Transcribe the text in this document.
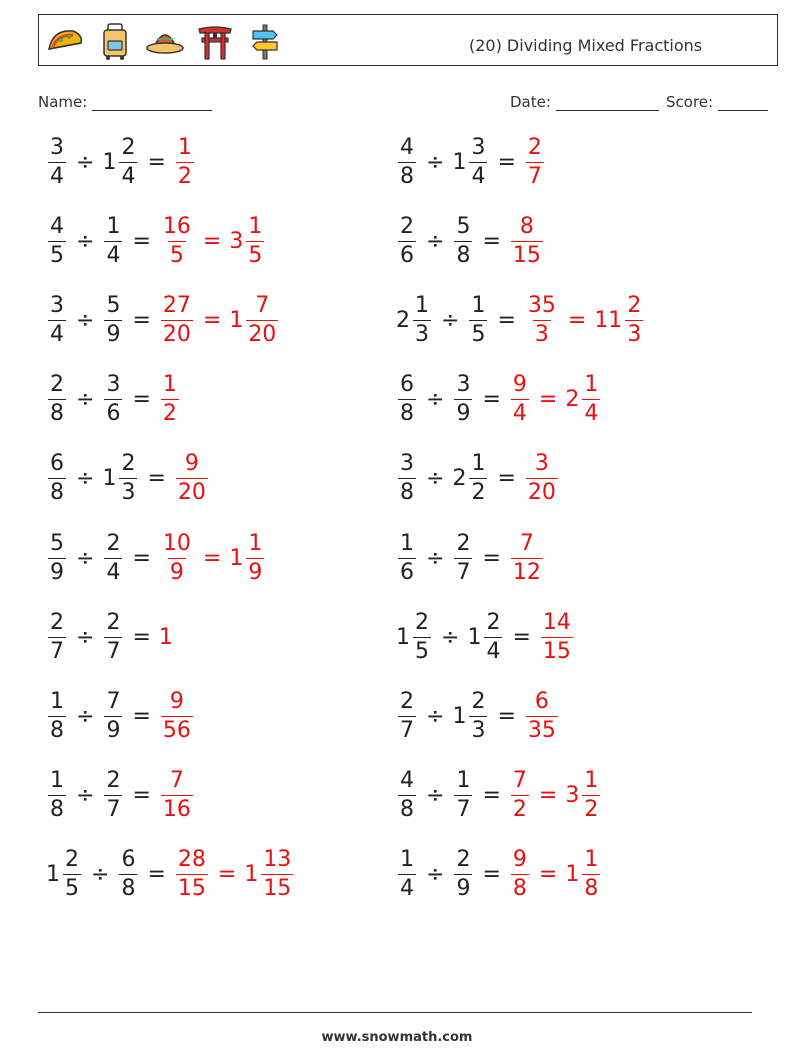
(20) Dividing Mixed Fractions
Name:	Date:	Score:
$\frac{3}{4} \div 1 \frac{2}{4} = \frac{1}{2}$	$\frac{4}{8} \div 1 \frac{3}{4} = \frac{2}{7}$
$\frac{4}{5} \div \frac{1}{4} = \frac{16}{5} = 3 \frac{1}{5}$	$\frac{2}{6} \div \frac{5}{8} = \frac{8}{15}$
$\frac{3}{4} \div \frac{5}{9} = \frac{27}{20} = 1 \frac{7}{20}$	$2 \frac{1}{3} \div \frac{1}{5} = \frac{35}{3} = 11 \frac{2}{3}$
$\frac{2}{8} \div \frac{3}{6} = \frac{1}{2}$	$\frac{6}{8} \div \frac{3}{9} = \frac{9}{4} = 2 \frac{1}{4}$
$\frac{6}{8} \div 1 \frac{2}{3} = \frac{9}{20}$	$\frac{3}{8} \div 2 \frac{1}{2} = \frac{3}{20}$
$\frac{5}{9} \div \frac{2}{4} = \frac{10}{9} = 1 \frac{1}{9}$	$\frac{1}{6} \div \frac{2}{7} = \frac{7}{12}$
$\frac{2}{7} \div \frac{2}{7} = 1$	$1 \frac{2}{5} \div 1 \frac{2}{4} = \frac{14}{15}$
$\frac{1}{8} \div \frac{7}{9} = \frac{9}{56}$	$\frac{2}{7} \div 1 \frac{2}{3} = \frac{6}{35}$
$\frac{1}{8} \div \frac{2}{7} = \frac{7}{16}$	$\frac{4}{8} \div \frac{1}{7} = \frac{7}{2} = 3 \frac{1}{2}$
$1 \frac{2}{5} \div \frac{6}{8} = \frac{28}{15} = 1 \frac{13}{15}$	$\frac{1}{4} \div \frac{2}{9} = \frac{9}{8} = 1 \frac{1}{8}$
www.snowmath.com
